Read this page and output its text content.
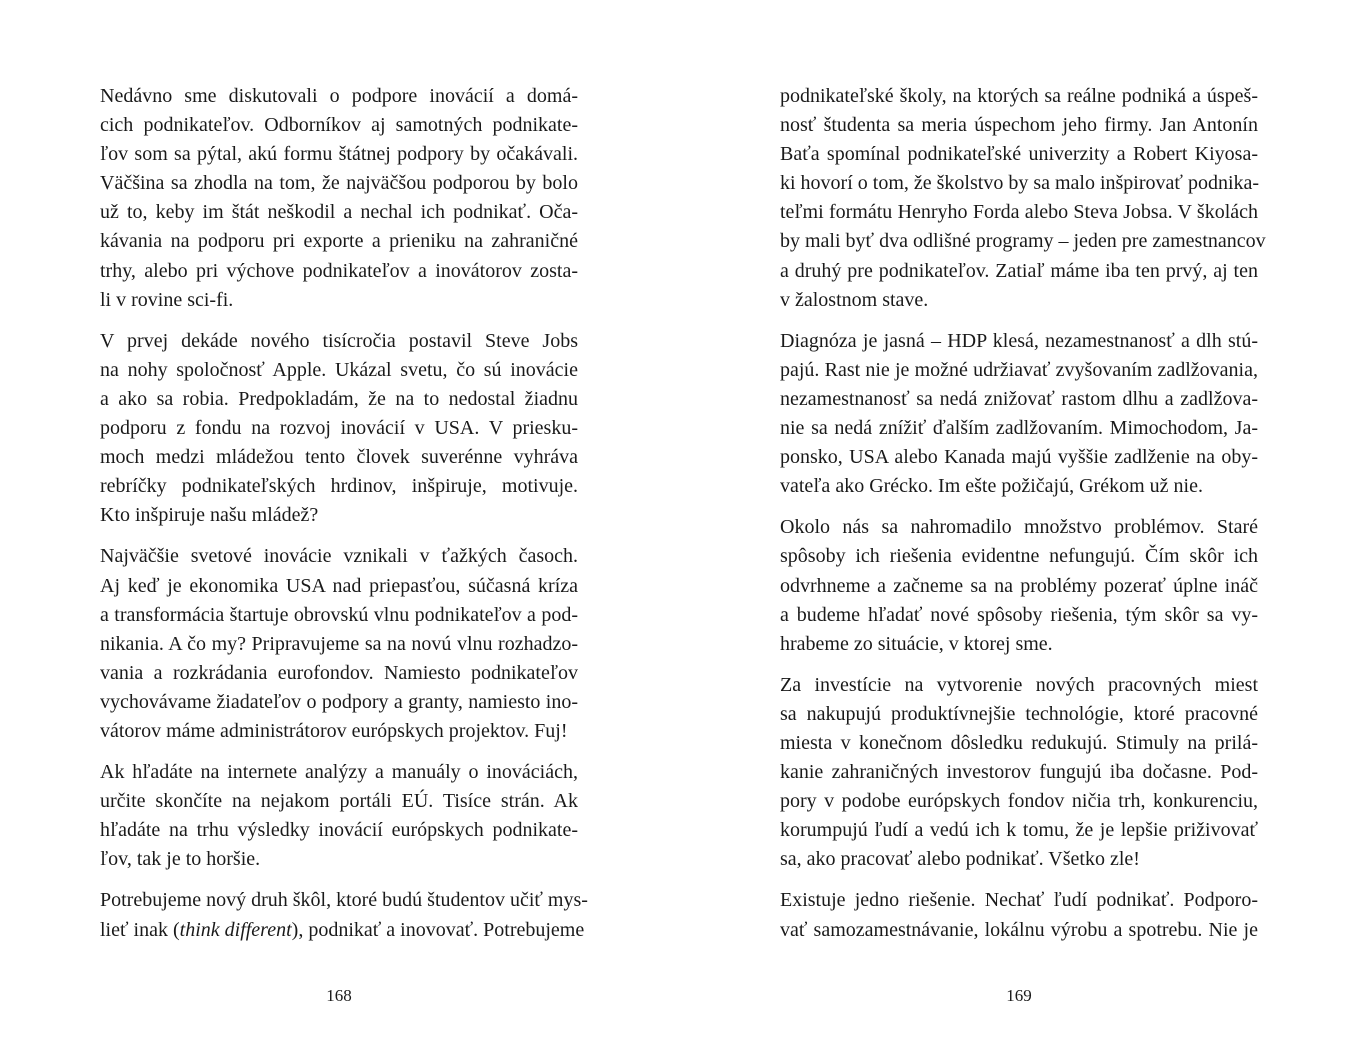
Nedávno sme diskutovali o podpore inovácií a domá-
cich podnikateľov. Odborníkov aj samotných podnikate-
ľov som sa pýtal, akú formu štátnej podpory by očakávali.
Väčšina sa zhodla na tom, že najväčšou podporou by bolo
už to, keby im štát neškodil a nechal ich podnikať. Oča-
kávania na podporu pri exporte a prieniku na zahraničné
trhy, alebo pri výchove podnikateľov a inovátorov zosta-
li v rovine sci-fi.

V prvej dekáde nového tisícročia postavil Steve Jobs
na nohy spoločnosť Apple. Ukázal svetu, čo sú inovácie
a ako sa robia. Predpokladám, že na to nedostal žiadnu
podporu z fondu na rozvoj inovácií v USA. V priesku-
moch medzi mládežou tento človek suverénne vyhráva
rebríčky podnikateľských hrdinov, inšpiruje, motivuje.
Kto inšpiruje našu mládež?

Najväčšie svetové inovácie vznikali v ťažkých časoch.
Aj keď je ekonomika USA nad priepasťou, súčasná kríza
a transformácia štartuje obrovskú vlnu podnikateľov a pod-
nikania. A čo my? Pripravujeme sa na novú vlnu rozhadzo-
vania a rozkrádania eurofondov. Namiesto podnikateľov
vychovávame žiadateľov o podpory a granty, namiesto ino-
vátorov máme administrátorov európskych projektov. Fuj!

Ak hľadáte na internete analýzy a manuály o inováciách,
určite skončíte na nejakom portáli EÚ. Tisíce strán. Ak
hľadáte na trhu výsledky inovácií európskych podnikate-
ľov, tak je to horšie.

Potrebujeme nový druh škôl, ktoré budú študentov učiť mys-
lieť inak (think different), podnikať a inovovať. Potrebujeme

168

podnikateľské školy, na ktorých sa reálne podniká a úspeš-
nosť študenta sa meria úspechom jeho firmy. Jan Antonín
Baťa spomínal podnikateľské univerzity a Robert Kiyosa-
ki hovorí o tom, že školstvo by sa malo inšpirovať podnika-
teľmi formátu Henryho Forda alebo Steva Jobsa. V školách
by mali byť dva odlišné programy – jeden pre zamestnancov
a druhý pre podnikateľov. Zatiaľ máme iba ten prvý, aj ten
v žalostnom stave.

Diagnóza je jasná – HDP klesá, nezamestnanosť a dlh stú-
pajú. Rast nie je možné udržiavať zvyšovaním zadlžovania,
nezamestnanosť sa nedá znižovať rastom dlhu a zadlžova-
nie sa nedá znížiť ďalším zadlžovaním. Mimochodom, Ja-
ponsko, USA alebo Kanada majú vyššie zadlženie na oby-
vateľa ako Grécko. Im ešte požičajú, Grékom už nie.

Okolo nás sa nahromadilo množstvo problémov. Staré
spôsoby ich riešenia evidentne nefungujú. Čím skôr ich
odvrhneme a začneme sa na problémy pozerať úplne ináč
a budeme hľadať nové spôsoby riešenia, tým skôr sa vy-
hrabeme zo situácie, v ktorej sme.

Za investície na vytvorenie nových pracovných miest
sa nakupujú produktívnejšie technológie, ktoré pracovné
miesta v konečnom dôsledku redukujú. Stimuly na prilá-
kanie zahraničných investorov fungujú iba dočasne. Pod-
pory v podobe európskych fondov ničia trh, konkurenciu,
korumpujú ľudí a vedú ich k tomu, že je lepšie priživovať
sa, ako pracovať alebo podnikať. Všetko zle!

Existuje jedno riešenie. Nechať ľudí podnikať. Podporo-
vať samozamestnávanie, lokálnu výrobu a spotrebu. Nie je

169
